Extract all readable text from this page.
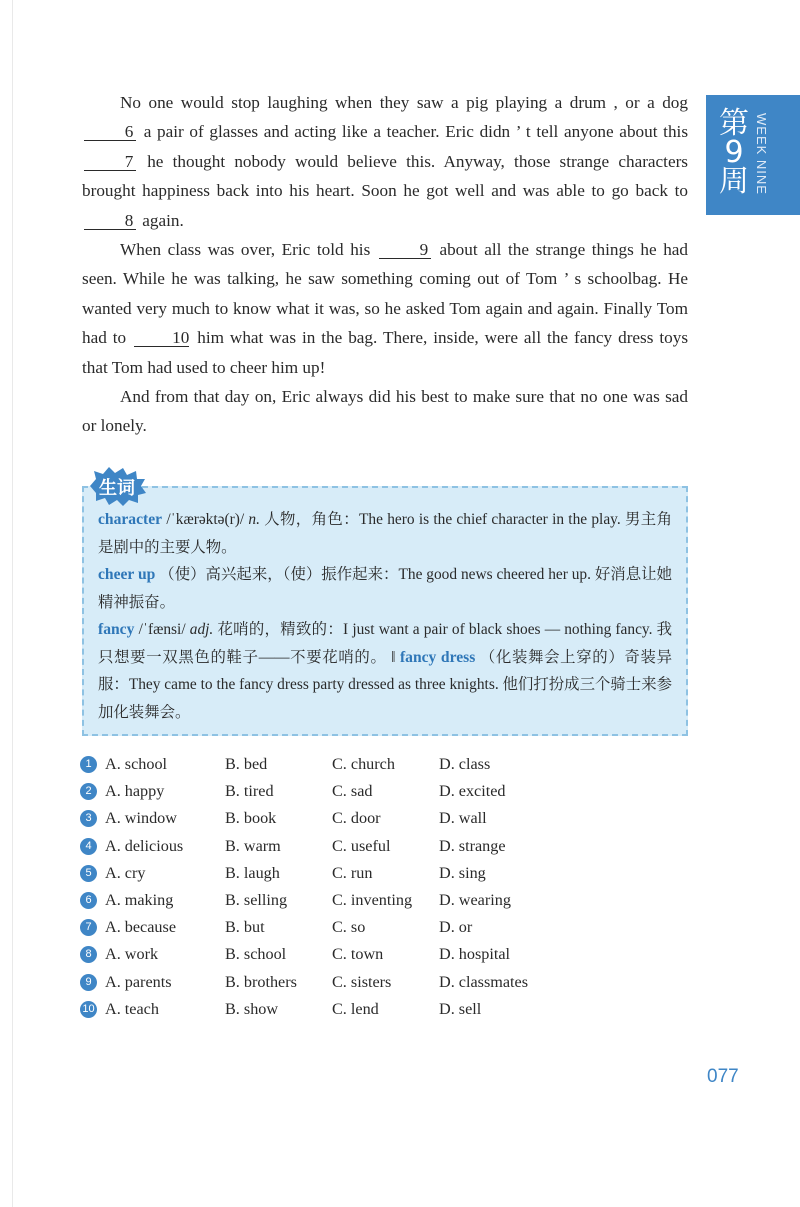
第9周 WEEK NINE

No one would stop laughing when they saw a pig playing a drum , or a dog 6 a pair of glasses and acting like a teacher. Eric didn ’ t tell anyone about this 7 he thought nobody would believe this. Anyway, those strange characters brought happiness back into his heart. Soon he got well and was able to go back to 8 again.

When class was over, Eric told his	9 about all the strange things he had seen. While he was talking, he saw something coming out of Tom ’ s schoolbag. He wanted very much to know what it was, so he asked Tom again and again. Finally Tom had to	10 him what was in the bag. There, inside, were all the fancy dress toys that Tom had used to cheer him up!

And from that day on, Eric always did his best to make sure that no one was sad or lonely.

生词

character /ˈkærəktə(r)/ n. 人物，角色：The hero is the chief character in the play. 男主角是剧中的主要人物。

cheer up （使）高兴起来，（使）振作起来：The good news cheered her up. 好消息让她精神振奋。

fancy /ˈfænsi/ adj. 花哨的，精致的：I just want a pair of black shoes — nothing fancy. 我只想要一双黑色的鞋子——不要花哨的。 ‖ fancy dress （化装舞会上穿的）奇装异服：They came to the fancy dress party dressed as three knights. 他们打扮成三个骑士来参加化装舞会。

1 A. school	B. bed	C. church	D. class
2 A. happy	B. tired	C. sad	D. excited
3 A. window	B. book	C. door	D. wall
4 A. delicious	B. warm	C. useful	D. strange
5 A. cry	B. laugh	C. run	D. sing
6 A. making	B. selling	C. inventing D. wearing
7 A. because	B. but	C. so	D. or
8 A. work	B. school	C. town	D. hospital
9 A. parents	B. brothers C. sisters	D. classmates
10 A. teach	B. show	C. lend	D. sell
077
